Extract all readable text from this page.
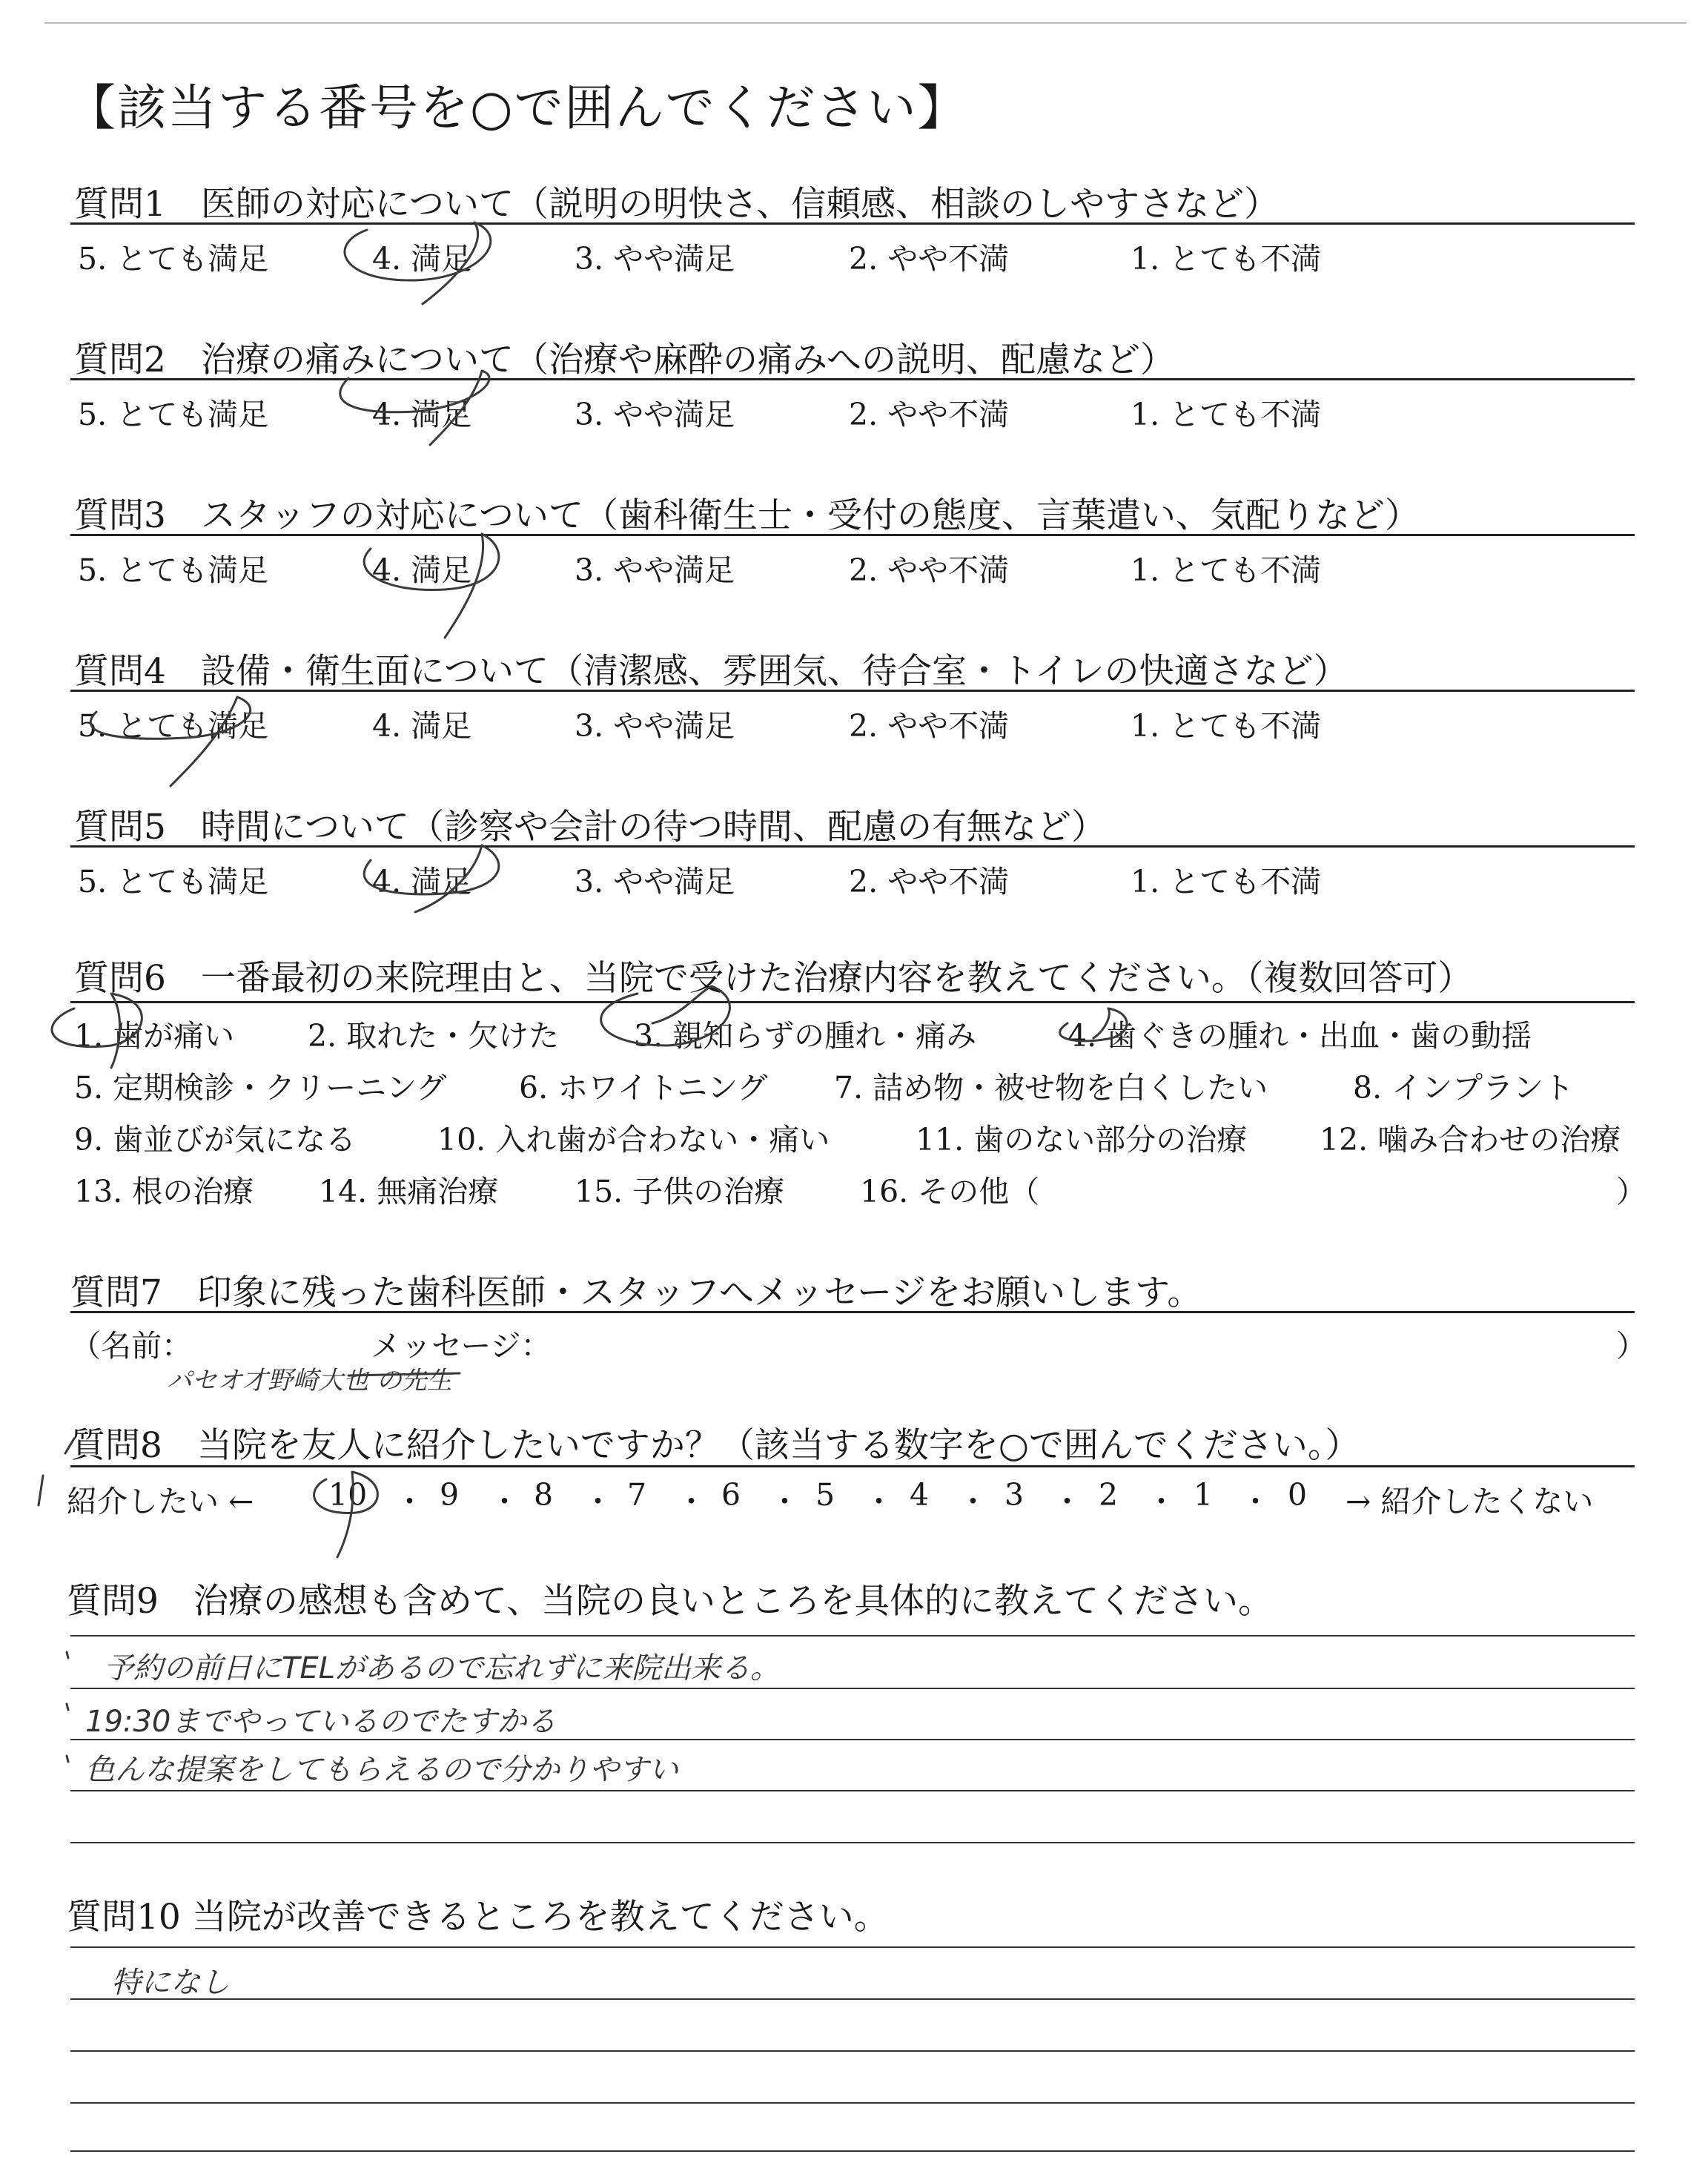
【該当する番号を○で囲んでください】
質問1　医師の対応について（説明の明快さ、信頼感、相談のしやすさなど）
5. とても満足	4. 満足	3. やや満足	2. やや不満	1. とても不満
質問2　治療の痛みについて（治療や麻酔の痛みへの説明、配慮など）
5. とても満足	4. 満足	3. やや満足	2. やや不満	1. とても不満
質問3　スタッフの対応について（歯科衛生士・受付の態度、言葉遣い、気配りなど）
5. とても満足	4. 満足	3. やや満足	2. やや不満	1. とても不満
質問4　設備・衛生面について（清潔感、雰囲気、待合室・トイレの快適さなど）
5. とても満足	4. 満足	3. やや満足	2. やや不満	1. とても不満
質問5　時間について（診察や会計の待つ時間、配慮の有無など）
5. とても満足	4. 満足	3. やや満足	2. やや不満	1. とても不満
質問6　一番最初の来院理由と、当院で受けた治療内容を教えてください。（複数回答可）
1. 歯が痛い 2. 取れた・欠けた 3. 親知らずの腫れ・痛み	4. 歯ぐきの腫れ・出血・歯の動揺
5. 定期検診・クリーニング 6. ホワイトニング 7. 詰め物・被せ物を白くしたい	8. インプラント
9. 歯並びが気になる	10. 入れ歯が合わない・痛い	11. 歯のない部分の治療 12. 噛み合わせの治療
13. 根の治療 14. 無痛治療	15. 子供の治療 16. その他（	）
質問7　印象に残った歯科医師・スタッフへメッセージをお願いします。
（名前：	メッセージ：	）
パセオ才野崎大也 の先生
質問8　当院を友人に紹介したいですか？（該当する数字を○で囲んでください。）
紹介したい ← 10 ・ 9 ・ 8 ・ 7 ・ 6 ・ 5 ・ 4 ・ 3 ・ 2 ・ 1 ・ 0 → 紹介したくない
質問9　治療の感想も含めて、当院の良いところを具体的に教えてください。
予約の前日にTELがあるので忘れずに来院出来る。
19:30までやっているのでたすかる
色んな提案をしてもらえるので分かりやすい
質問10 当院が改善できるところを教えてください。
特になし
